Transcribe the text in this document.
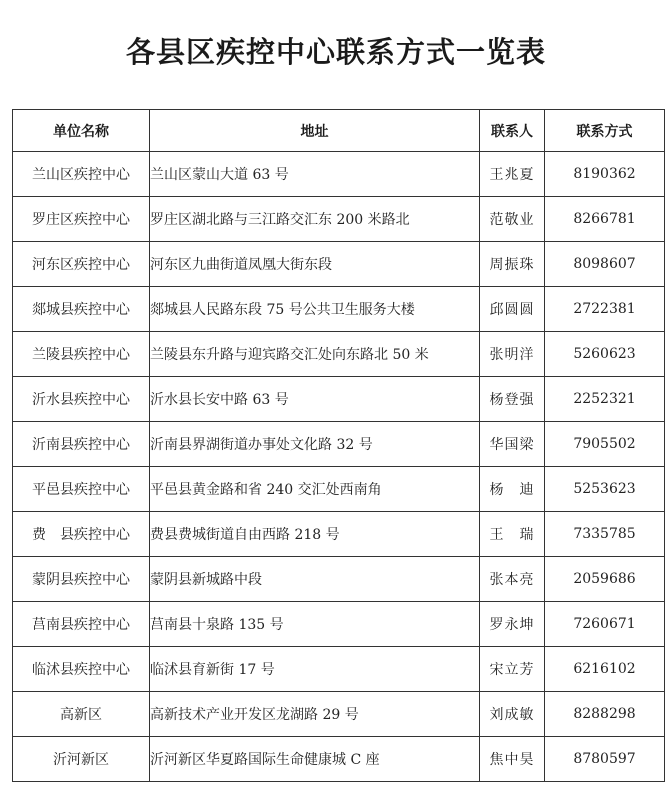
各县区疾控中心联系方式一览表
单位名称	地址	联系人	联系方式
兰山区疾控中心	兰山区蒙山大道 63 号	王兆夏	8190362
罗庄区疾控中心	罗庄区湖北路与三江路交汇东 200 米路北	范敬业	8266781
河东区疾控中心	河东区九曲街道凤凰大街东段	周振珠	8098607
郯城县疾控中心	郯城县人民路东段 75 号公共卫生服务大楼	邱圆圆	2722381
兰陵县疾控中心	兰陵县东升路与迎宾路交汇处向东路北 50 米	张明洋	5260623
沂水县疾控中心	沂水县长安中路 63 号	杨登强	2252321
沂南县疾控中心	沂南县界湖街道办事处文化路 32 号	华国梁	7905502
平邑县疾控中心	平邑县黄金路和省 240 交汇处西南角	杨　迪	5253623
费　县疾控中心	费县费城街道自由西路 218 号	王　瑞	7335785
蒙阴县疾控中心	蒙阴县新城路中段	张本亮	2059686
莒南县疾控中心	莒南县十泉路 135 号	罗永坤	7260671
临沭县疾控中心	临沭县育新街 17 号	宋立芳	6216102
高新区	高新技术产业开发区龙湖路 29 号	刘成敏	8288298
沂河新区	沂河新区华夏路国际生命健康城 C 座	焦中昊	8780597
